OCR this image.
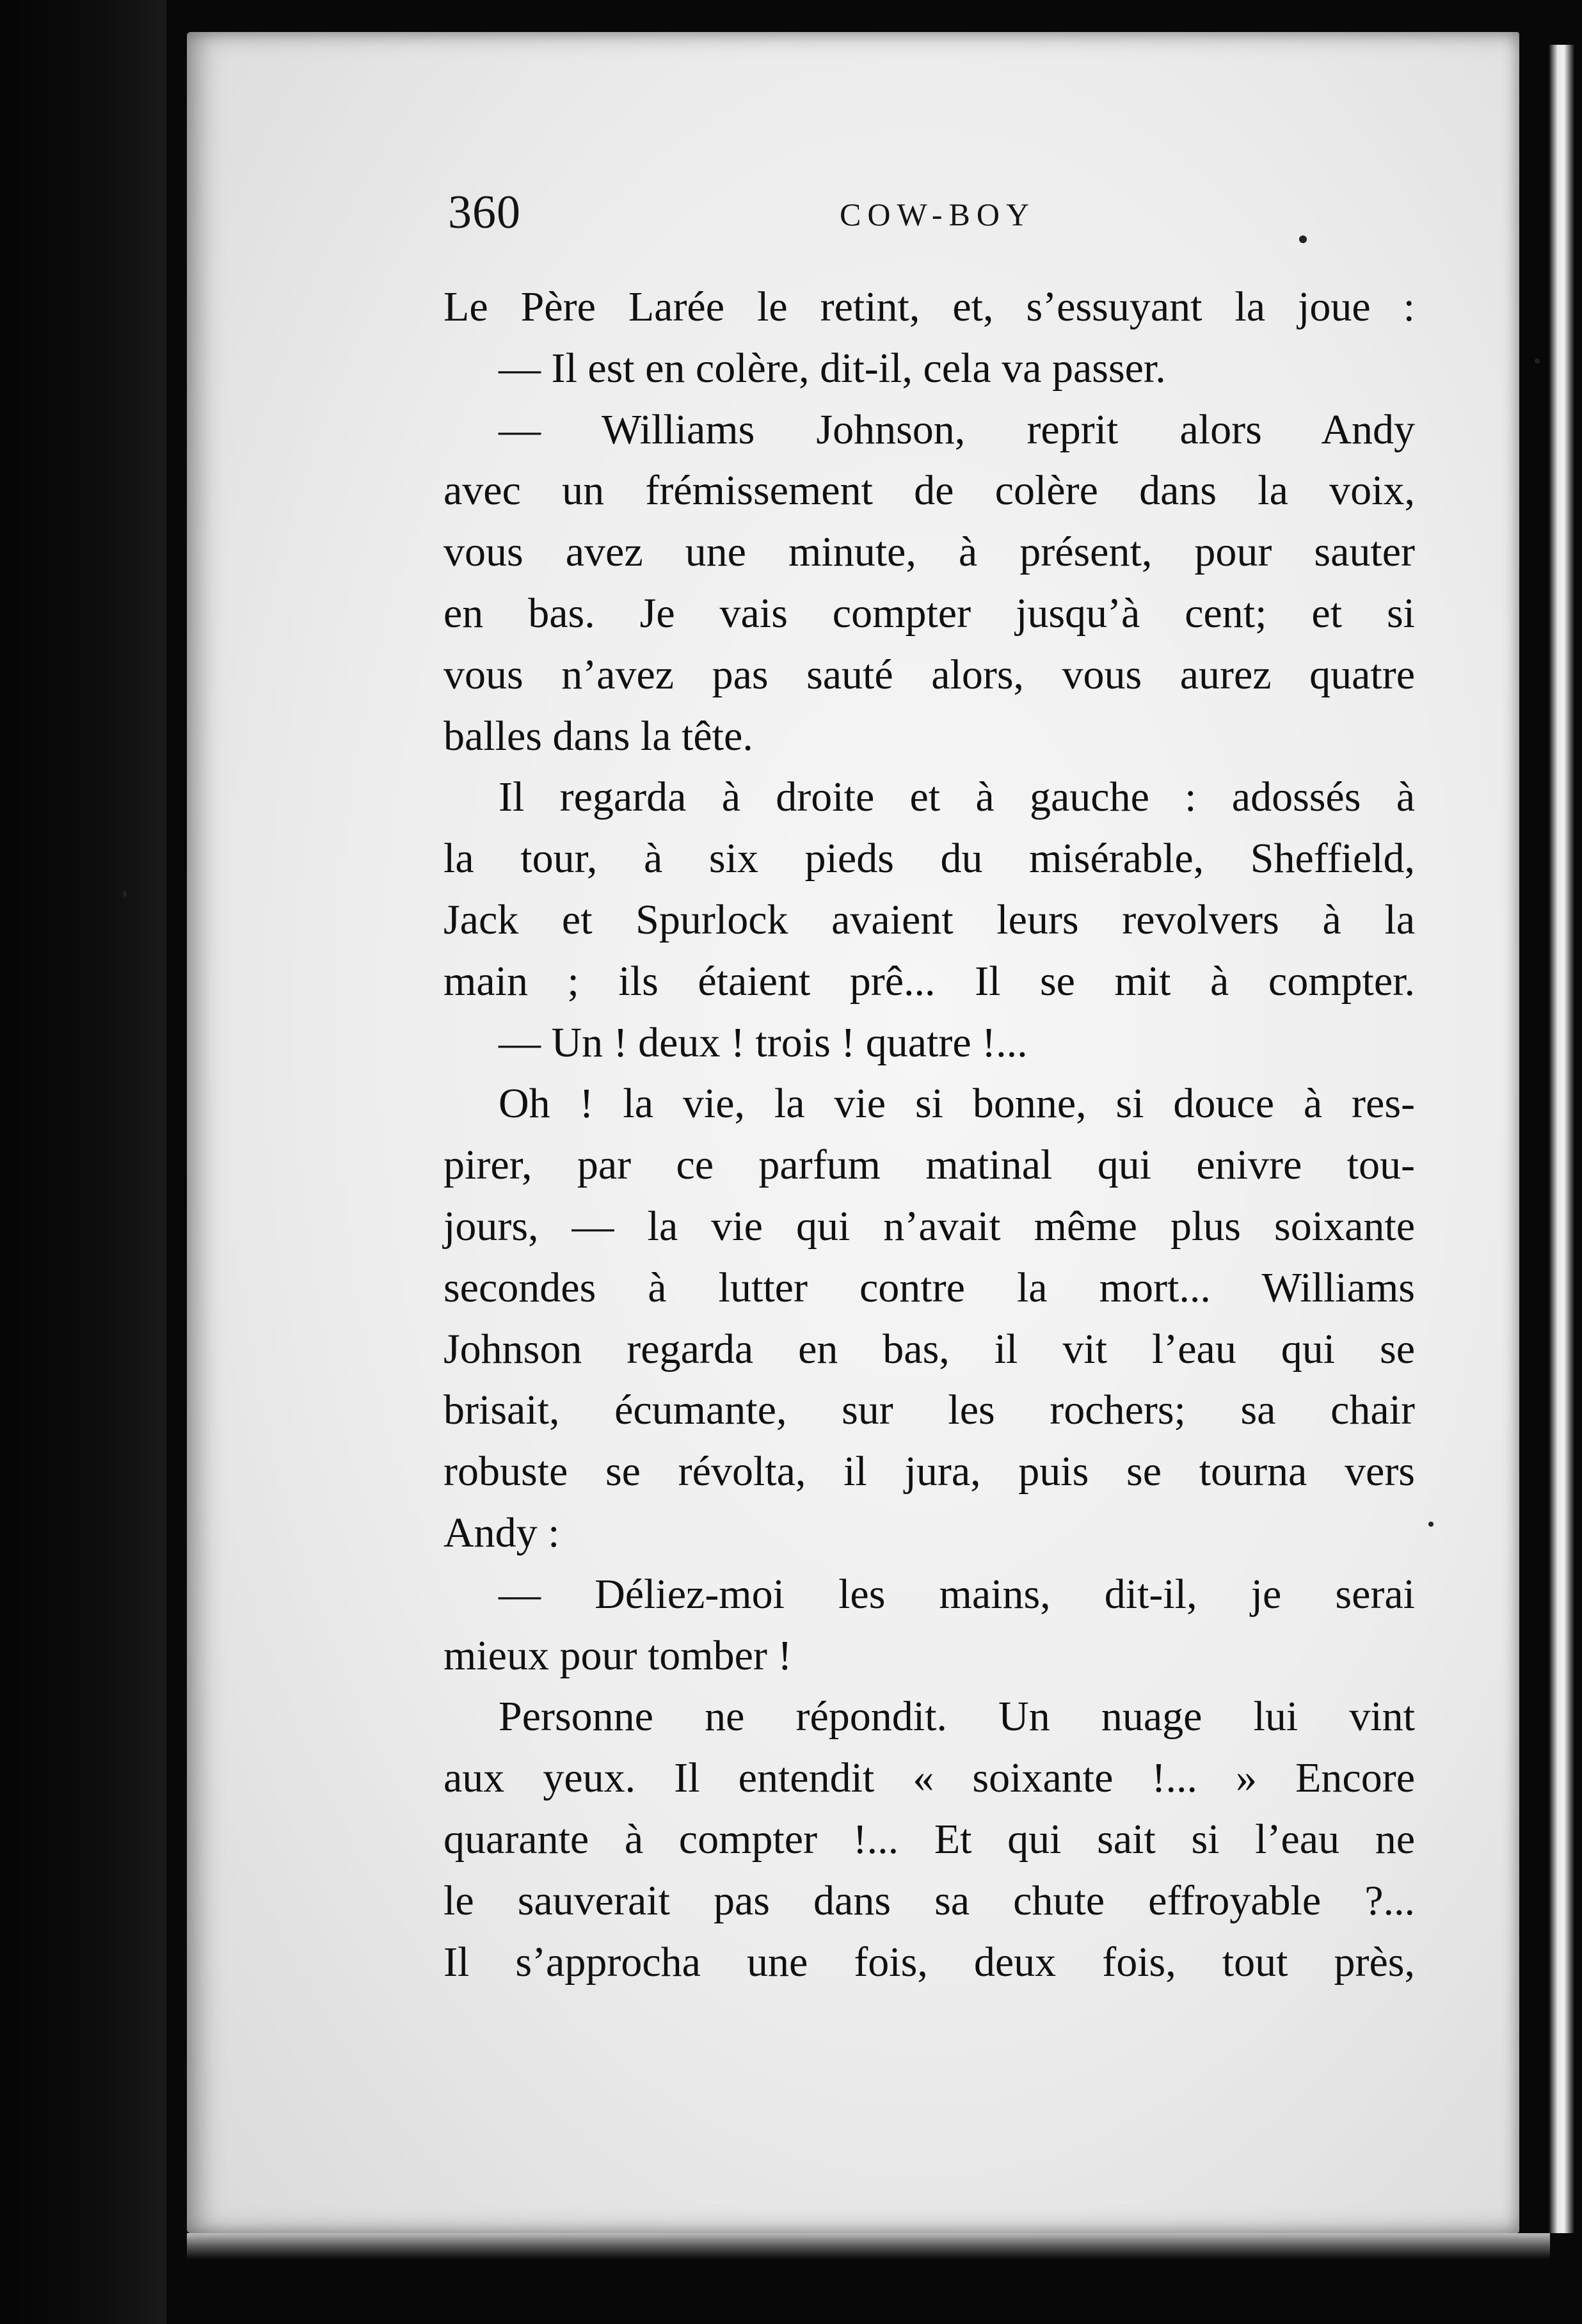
360	COW-BOY
Le Père Larée le retint, et, s’essuyant la joue :
— Il est en colère, dit-il, cela va passer.
— Williams Johnson, reprit alors Andy
avec un frémissement de colère dans la voix,
vous avez une minute, à présent, pour sauter
en bas. Je vais compter jusqu’à cent; et si
vous n’avez pas sauté alors, vous aurez quatre
balles dans la tête.
Il regarda à droite et à gauche : adossés à
la tour, à six pieds du misérable, Sheffield,
Jack et Spurlock avaient leurs revolvers à la
main ; ils étaient prê... Il se mit à compter.
— Un ! deux ! trois ! quatre !...
Oh ! la vie, la vie si bonne, si douce à res-
pirer, par ce parfum matinal qui enivre tou-
jours, — la vie qui n’avait même plus soixante
secondes à lutter contre la mort... Williams
Johnson regarda en bas, il vit l’eau qui se
brisait, écumante, sur les rochers; sa chair
robuste se révolta, il jura, puis se tourna vers
Andy :
— Déliez-moi les mains, dit-il, je serai
mieux pour tomber !
Personne ne répondit. Un nuage lui vint
aux yeux. Il entendit « soixante !... » Encore
quarante à compter !... Et qui sait si l’eau ne
le sauverait pas dans sa chute effroyable ?...
Il s’approcha une fois, deux fois, tout près,
